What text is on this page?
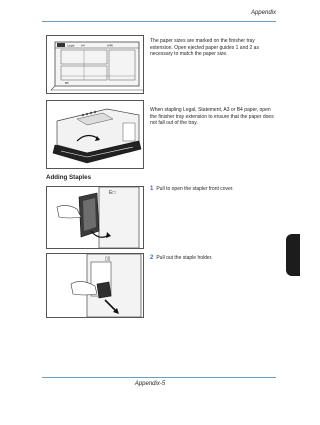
Appendix
Legal A4	A4R
B5
The paper sizes are marked on the finisher tray extension. Open ejected paper guides 1 and 2 as necessary to match the paper size.
When stapling Legal, Statement, A3 or B4 paper, open the finisher tray extension to ensure that the paper does not fall out of the tray.
Adding Staples
E□
1 Pull to open the stapler front cover.
▯▯	2 Pull out the staple holder.
Appendix-5
